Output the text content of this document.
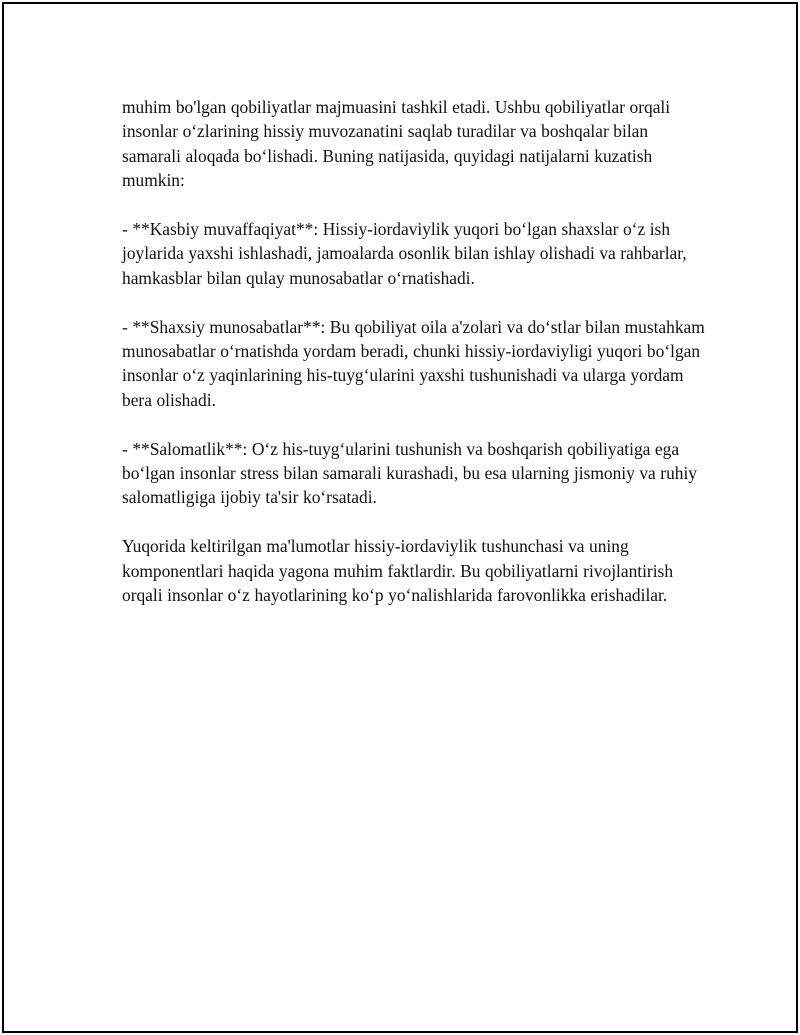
muhim bo'lgan qobiliyatlar majmuasini tashkil etadi. Ushbu qobiliyatlar orqali insonlar o‘zlarining hissiy muvozanatini saqlab turadilar va boshqalar bilan samarali aloqada bo‘lishadi. Buning natijasida, quyidagi natijalarni kuzatish mumkin:

- **Kasbiy muvaffaqiyat**: Hissiy-iordaviylik yuqori bo‘lgan shaxslar o‘z ish joylarida yaxshi ishlashadi, jamoalarda osonlik bilan ishlay olishadi va rahbarlar, hamkasblar bilan qulay munosabatlar o‘rnatishadi.

- **Shaxsiy munosabatlar**: Bu qobiliyat oila a'zolari va do‘stlar bilan mustahkam munosabatlar o‘rnatishda yordam beradi, chunki hissiy-iordaviyligi yuqori bo‘lgan insonlar o‘z yaqinlarining his-tuyg‘ularini yaxshi tushunishadi va ularga yordam bera olishadi.

- **Salomatlik**: O‘z his-tuyg‘ularini tushunish va boshqarish qobiliyatiga ega bo‘lgan insonlar stress bilan samarali kurashadi, bu esa ularning jismoniy va ruhiy salomatligiga ijobiy ta'sir ko‘rsatadi.

Yuqorida keltirilgan ma'lumotlar hissiy-iordaviylik tushunchasi va uning komponentlari haqida yagona muhim faktlardir. Bu qobiliyatlarni rivojlantirish orqali insonlar o‘z hayotlarining ko‘p yo‘nalishlarida farovonlikka erishadilar.
